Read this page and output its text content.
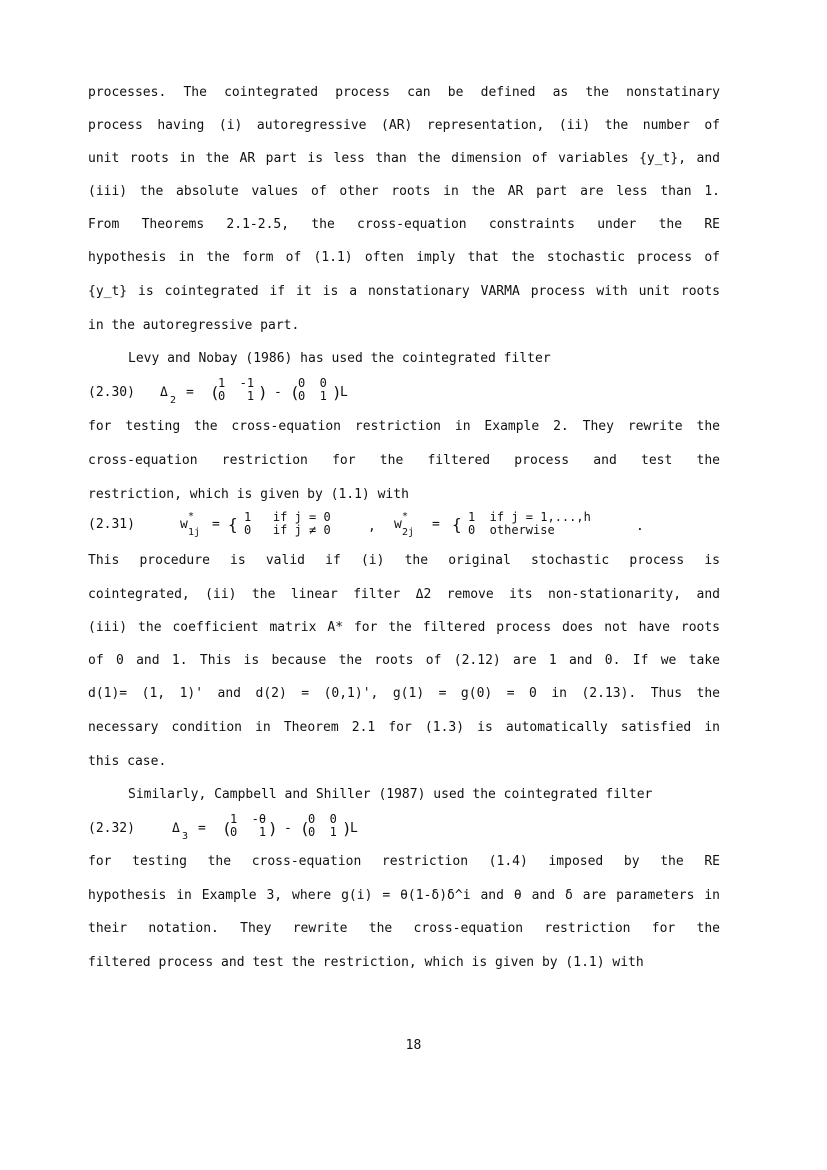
processes. The cointegrated process can be defined as the nonstatinary
process having (i) autoregressive (AR) representation, (ii) the number of
unit roots in the AR part is less than the dimension of variables {y_t}, and
(iii) the absolute values of other roots in the AR part are less than 1.
From Theorems 2.1-2.5, the cross-equation constraints under the RE
hypothesis in the form of (1.1) often imply that the stochastic process of
{y_t} is cointegrated if it is a nonstationary VARMA process with unit roots
in the autoregressive part.
Levy and Nobay (1986) has used the cointegrated filter
(2.30) Δ
2
= (
1  -1
0   1 ) - (
0  0
0  1 )
L
for testing the cross-equation restriction in Example 2. They rewrite the
cross-equation restriction for the filtered process and test the
restriction, which is given by (1.1) with
(2.31)	w
*
1j
= { 1   if j = 0
0   if j ≠ 0	, w
*
2j
= { 1  if j = 1,...,h
0  otherwise	.
This procedure is valid if (i) the original stochastic process is
cointegrated, (ii) the linear filter Δ2 remove its non-stationarity, and
(iii) the coefficient matrix A* for the filtered process does not have roots
of 0 and 1. This is because the roots of (2.12) are 1 and 0. If we take
d(1)= (1, 1)' and d(2) = (0,1)', g(1) = g(0) = 0 in (2.13). Thus the
necessary condition in Theorem 2.1 for (1.3) is automatically satisfied in
this case.
Similarly, Campbell and Shiller (1987) used the cointegrated filter
(2.32)	Δ
3
= (
1  -θ
0   1 ) - (
0  0
0  1 )
L
for testing the cross-equation restriction (1.4) imposed by the RE
hypothesis in Example 3, where g(i) = θ(1-δ)δ^i and θ and δ are parameters in
their notation. They rewrite the cross-equation restriction for the
filtered process and test the restriction, which is given by (1.1) with
18
